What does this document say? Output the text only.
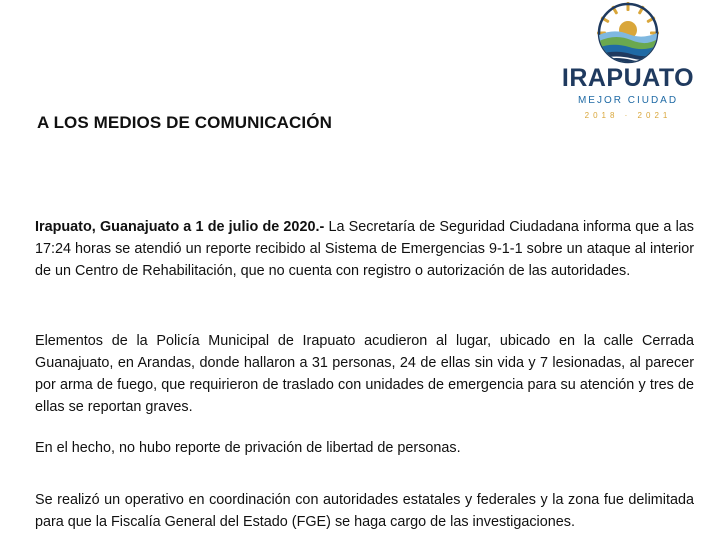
IRAPUATO
MEJOR CIUDAD
2018 · 2021
A LOS MEDIOS DE COMUNICACIÓN

Irapuato, Guanajuato a 1 de julio de 2020.- La Secretaría de Seguridad Ciudadana informa que a las 17:24 horas se atendió un reporte recibido al Sistema de Emergencias 9-1-1 sobre un ataque al interior de un Centro de Rehabilitación, que no cuenta con registro o autorización de las autoridades.

Elementos de la Policía Municipal de Irapuato acudieron al lugar, ubicado en la calle Cerrada Guanajuato, en Arandas, donde hallaron a 31 personas, 24 de ellas sin vida y 7 lesionadas, al parecer por arma de fuego, que requirieron de traslado con unidades de emergencia para su atención y tres de ellas se reportan graves.

En el hecho, no hubo reporte de privación de libertad de personas.

Se realizó un operativo en coordinación con autoridades estatales y federales y la zona fue delimitada para que la Fiscalía General del Estado (FGE) se haga cargo de las investigaciones.
